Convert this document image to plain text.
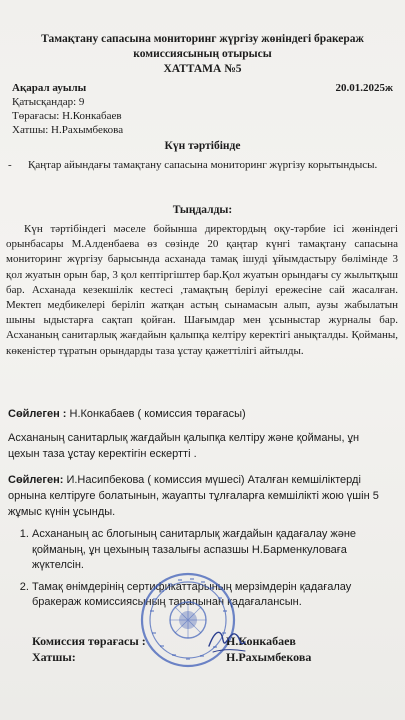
Тамақтану сапасына мониторинг жүргізу жөніндегі бракераж
комиссиясының отырысы
ХАТТАМА №5
Ақарал ауылы	20.01.2025ж
Қатысқандар: 9
Төрағасы: Н.Конкабаев
Хатшы: Н.Рахымбекова
Күн тәртібінде
-	Қаңтар айындағы тамақтану сапасына мониторинг жүргізу корытындысы.
Тыңдалды:
Күн тәртібіндегі мәселе бойынша директордың оқу-тәрбие ісі жөніндегі орынбасары М.Алденбаева өз сөзінде 20 қаңтар күнгі тамақтану сапасына мониторинг жүргізу барысында асханада тамақ ішуді ұйымдастыру бөлімінде 3 қол жуатын орын бар, 3 қол кептіргіштер бар.Қол жуатын орындағы су жылытқыш бар. Асханада кезекшілік кестесі ,тамақтың берілуі ережесіне сай жасалған. Мектеп медбикелері беріліп жатқан астың сынамасын алып, аузы жабылатын шыны ыдыстарға сақтап қойған. Шағымдар мен ұсыныстар журналы бар. Асхананың санитарлық жағдайын қалыпқа келтіру керектігі анықталды. Қойманы, көкеністер тұратын орындарды таза ұстау қажеттілігі айтылды.
Сөйлеген : Н.Конкабаев ( комиссия төрағасы)
Асхананың санитарлық жағдайын қалыпқа келтіру және қойманы, ұн цехын таза ұстау керектігін ескертті .
Сөйлеген: И.Насипбекова ( комиссия мүшесі) Аталған кемшіліктерді орнына келтіруге болатынын, жауапты тұлғаларға кемшілікті жою үшін 5 жұмыс күнін ұсынды.
1. Асхананың ас блогының санитарлық жағдайын қадағалау және қойманың, ұн цехының тазалығы аспазшы Н.Барменкуловаға жүктелсін.
2. Тамақ өнімдерінің сертификаттарының мерзімдерін қадағалау бракераж комиссиясының тарапынан қадағалансын.
Комиссия төрағасы :	Н.Конкабаев
Хатшы:	Н.Рахымбекова
